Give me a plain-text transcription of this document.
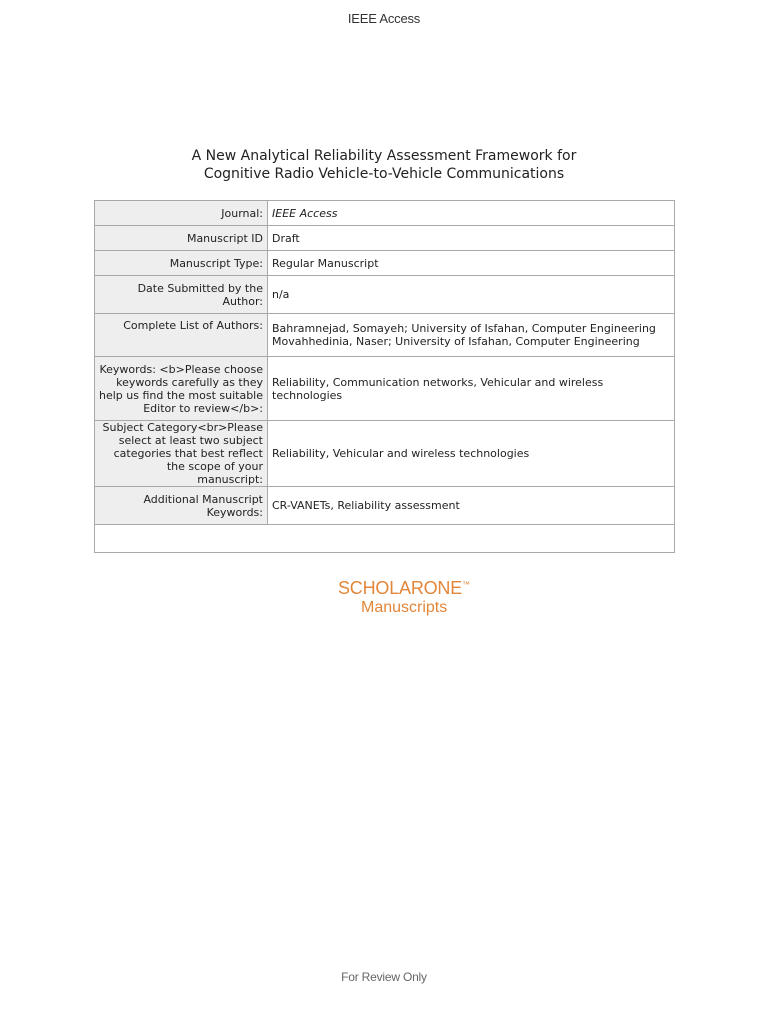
IEEE Access
A New Analytical Reliability Assessment Framework for
Cognitive Radio Vehicle-to-Vehicle Communications
Journal:	IEEE Access
Manuscript ID	Draft
Manuscript Type:	Regular Manuscript
Date Submitted by the Author:	n/a
Complete List of Authors:	Bahramnejad, Somayeh; University of Isfahan, Computer Engineering
Movahhedinia, Naser; University of Isfahan, Computer Engineering

Keywords: <b>Please choose keywords carefully as they help us find the most suitable Editor to review</b>:	Reliability, Communication networks, Vehicular and wireless technologies
Subject Category<br>Please select at least two subject categories that best reflect the scope of your manuscript:	Reliability, Vehicular and wireless technologies
Additional Manuscript Keywords:	CR-VANETs, Reliability assessment

SCHOLARONE™
Manuscripts
For Review Only
